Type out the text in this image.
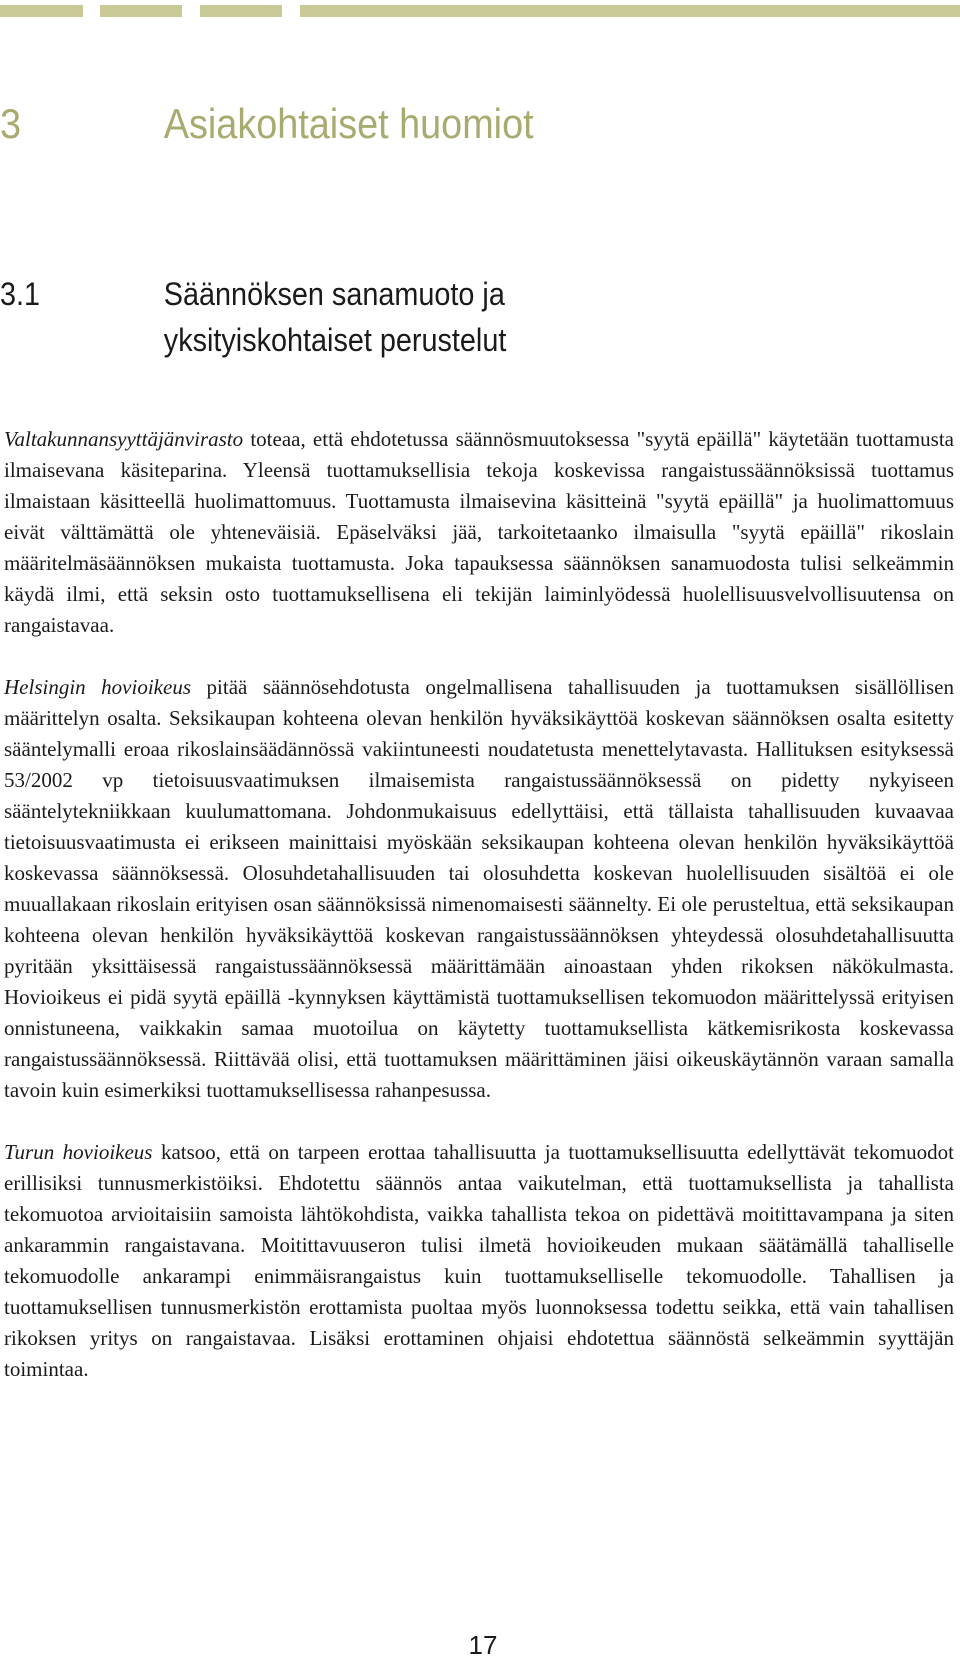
3	Asiakohtaiset huomiot
3.1	Säännöksen sanamuoto ja yksityiskohtaiset perustelut

Valtakunnansyyttäjänvirasto toteaa, että ehdotetussa säännösmuutoksessa "syytä epäillä" käytetään tuottamusta ilmaisevana käsiteparina. Yleensä tuottamuksellisia tekoja koskevissa rangaistussäännöksissä tuottamus ilmaistaan käsitteellä huolimattomuus. Tuottamusta ilmaisevina käsitteinä "syytä epäillä" ja huolimattomuus eivät välttämättä ole yhteneväisiä. Epäselväksi jää, tarkoitetaanko ilmaisulla "syytä epäillä" rikoslain määritelmäsäännöksen mukaista tuottamusta. Joka tapauksessa säännöksen sanamuodosta tulisi selkeämmin käydä ilmi, että seksin osto tuottamuksellisena eli tekijän laiminlyödessä huolellisuusvelvollisuutensa on rangaistavaa.

Helsingin hovioikeus pitää säännösehdotusta ongelmallisena tahallisuuden ja tuottamuksen sisällöllisen määrittelyn osalta. Seksikaupan kohteena olevan henkilön hyväksikäyttöä koskevan säännöksen osalta esitetty sääntelymalli eroaa rikoslainsäädännössä vakiintuneesti noudatetusta menettelytavasta. Hallituksen esityksessä 53/2002 vp tietoisuusvaatimuksen ilmaisemista rangaistussäännöksessä on pidetty nykyiseen sääntelytekniikkaan kuulumattomana. Johdonmukaisuus edellyttäisi, että tällaista tahallisuuden kuvaavaa tietoisuusvaatimusta ei erikseen mainittaisi myöskään seksikaupan kohteena olevan henkilön hyväksikäyttöä koskevassa säännöksessä. Olosuhdetahallisuuden tai olosuhdetta koskevan huolellisuuden sisältöä ei ole muuallakaan rikoslain erityisen osan säännöksissä nimenomaisesti säännelty. Ei ole perusteltua, että seksikaupan kohteena olevan henkilön hyväksikäyttöä koskevan rangaistussäännöksen yhteydessä olosuhdetahallisuutta pyritään yksittäisessä rangaistussäännöksessä määrittämään ainoastaan yhden rikoksen näkökulmasta. Hovioikeus ei pidä syytä epäillä -kynnyksen käyttämistä tuottamuksellisen tekomuodon määrittelyssä erityisen onnistuneena, vaikkakin samaa muotoilua on käytetty tuottamuksellista kätkemisrikosta koskevassa rangaistussäännöksessä. Riittävää olisi, että tuottamuksen määrittäminen jäisi oikeuskäytännön varaan samalla tavoin kuin esimerkiksi tuottamuksellisessa rahanpesussa.

Turun hovioikeus katsoo, että on tarpeen erottaa tahallisuutta ja tuottamuksellisuutta edellyttävät tekomuodot erillisiksi tunnusmerkistöiksi. Ehdotettu säännös antaa vaikutelman, että tuottamuksellista ja tahallista tekomuotoa arvioitaisiin samoista lähtökohdista, vaikka tahallista tekoa on pidettävä moitittavampana ja siten ankarammin rangaistavana. Moitittavuuseron tulisi ilmetä hovioikeuden mukaan säätämällä tahalliselle tekomuodolle ankarampi enimmäisrangaistus kuin tuottamukselliselle tekomuodolle. Tahallisen ja tuottamuksellisen tunnusmerkistön erottamista puoltaa myös luonnoksessa todettu seikka, että vain tahallisen rikoksen yritys on rangaistavaa. Lisäksi erottaminen ohjaisi ehdotettua säännöstä selkeämmin syyttäjän toimintaa.

17
